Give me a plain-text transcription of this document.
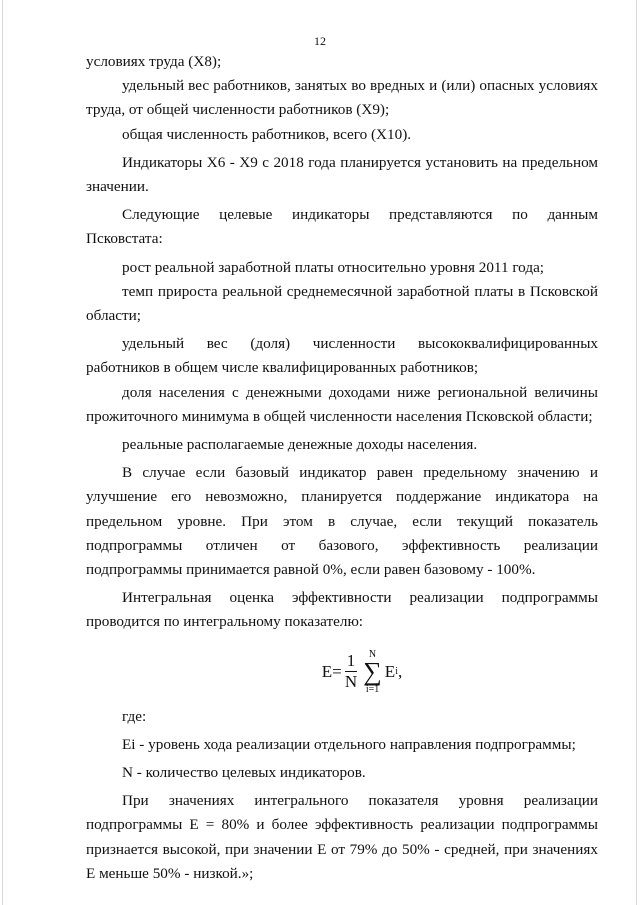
12

условиях труда (X8);

удельный вес работников, занятых во вредных и (или) опасных условиях труда, от общей численности работников (X9);

общая численность работников, всего (X10).

Индикаторы X6 - X9 с 2018 года планируется установить на предельном значении.

Следующие целевые индикаторы представляются по данным Псковстата:

рост реальной заработной платы относительно уровня 2011 года;

темп прироста реальной среднемесячной заработной платы в Псковской области;

удельный вес (доля) численности высококвалифицированных работников в общем числе квалифицированных работников;

доля населения с денежными доходами ниже региональной величины прожиточного минимума в общей численности населения Псковской области;

реальные располагаемые денежные доходы населения.

В случае если базовый индикатор равен предельному значению и улучшение его невозможно, планируется поддержание индикатора на предельном уровне. При этом в случае, если текущий показатель подпрограммы отличен от базового, эффективность реализации подпрограммы принимается равной 0%, если равен базовому - 100%.

Интегральная оценка эффективности реализации подпрограммы проводится по интегральному показателю:

$E= \frac{1}{N}$ N
∑
i=1
E i ,

где:

Ei - уровень хода реализации отдельного направления подпрограммы;

N - количество целевых индикаторов.

При значениях интегрального показателя уровня реализации подпрограммы E = 80% и более эффективность реализации подпрограммы признается высокой, при значении E от 79% до 50% - средней, при значениях E меньше 50% - низкой.»;
